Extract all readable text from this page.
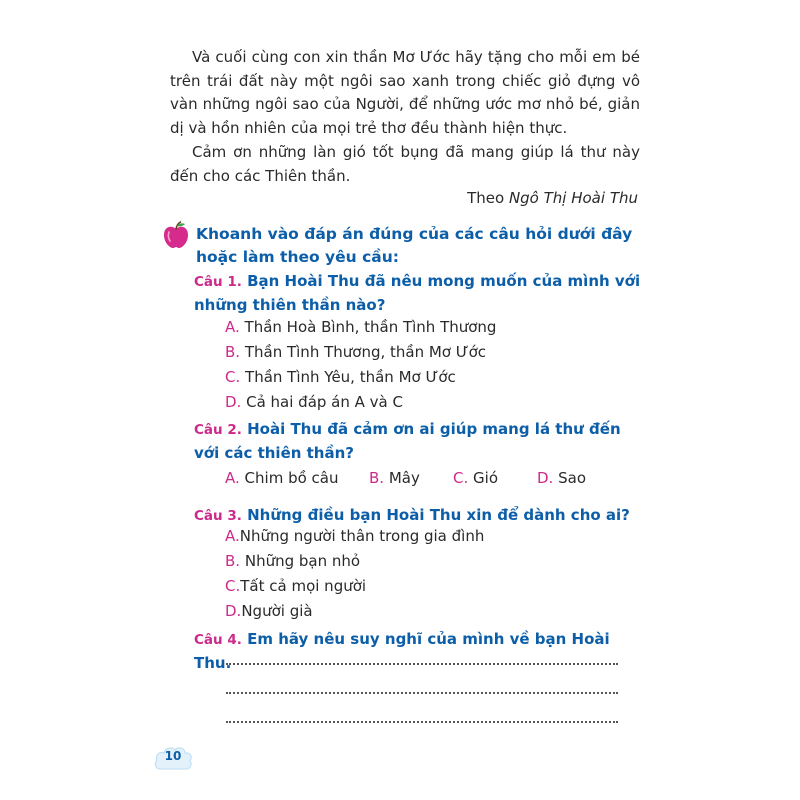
Và cuối cùng con xin thần Mơ Ước hãy tặng cho mỗi em bé trên trái đất này một ngôi sao xanh trong chiếc giỏ đựng vô vàn những ngôi sao của Người, để những ước mơ nhỏ bé, giản dị và hồn nhiên của mọi trẻ thơ đều thành hiện thực.

Cảm ơn những làn gió tốt bụng đã mang giúp lá thư này đến cho các Thiên thần.

Theo Ngô Thị Hoài Thu

Khoanh vào đáp án đúng của các câu hỏi dưới đây hoặc làm theo yêu cầu:

Câu 1. Bạn Hoài Thu đã nêu mong muốn của mình với những thiên thần nào?

A. Thần Hoà Bình, thần Tình Thương
B. Thần Tình Thương, thần Mơ Ước
C. Thần Tình Yêu, thần Mơ Ước
D. Cả hai đáp án A và C

Câu 2. Hoài Thu đã cảm ơn ai giúp mang lá thư đến với các thiên thần?

A. Chim bồ câu B. Mây C. Gió	D. Sao

Câu 3. Những điều bạn Hoài Thu xin để dành cho ai?

A.Những người thân trong gia đình
B. Những bạn nhỏ
C.Tất cả mọi người
D.Người già

Câu 4. Em hãy nêu suy nghĩ của mình về bạn Hoài Thu.

10
